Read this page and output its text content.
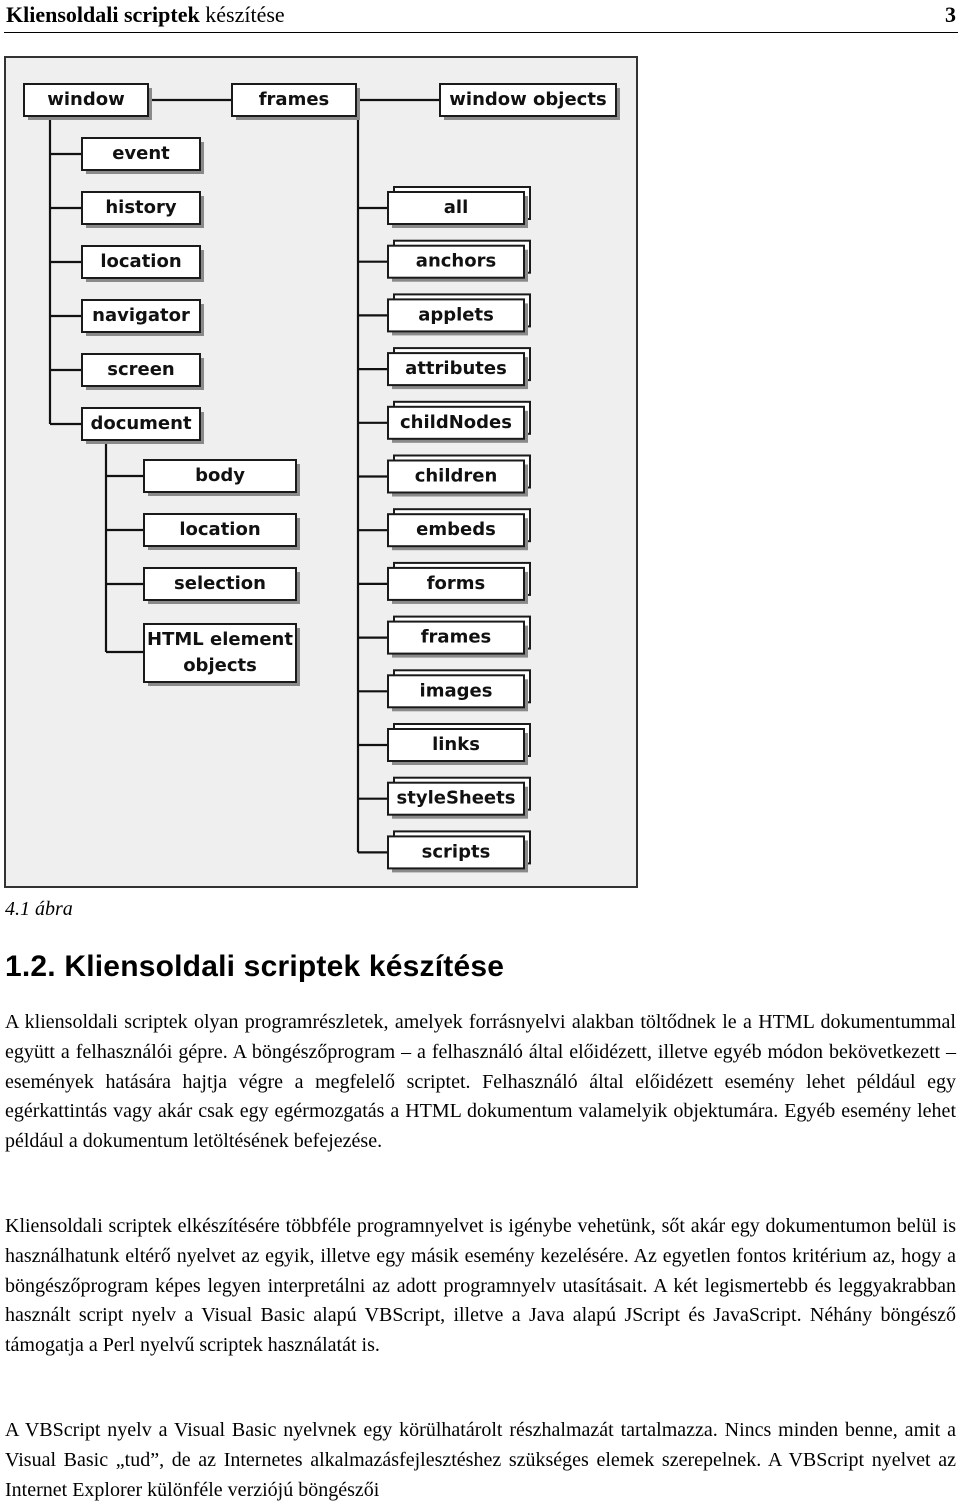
Kliensoldali scriptek készítése	3
window	frames	window objects
event
history
location
navigator
screen
document
body
location
selection
HTML element
objects
all
anchors
applets
attributes
childNodes
children
embeds
forms
frames
images
links
styleSheets
scripts
4.1 ábra
1.2. Kliensoldali scriptek készítése

A kliensoldali scriptek olyan programrészletek, amelyek forrásnyelvi alakban töltődnek le a HTML dokumentummal együtt a felhasználói gépre. A böngészőprogram – a felhasználó által előidézett, illetve egyéb módon bekövetkezett – események hatására hajtja végre a megfelelő scriptet. Felhasználó által előidézett esemény lehet például egy egérkattintás vagy akár csak egy egérmozgatás a HTML dokumentum valamelyik objektumára. Egyéb esemény lehet például a dokumentum letöltésének befejezése.

Kliensoldali scriptek elkészítésére többféle programnyelvet is igénybe vehetünk, sőt akár egy dokumentumon belül is használhatunk eltérő nyelvet az egyik, illetve egy másik esemény kezelésére. Az egyetlen fontos kritérium az, hogy a böngészőprogram képes legyen interpretálni az adott programnyelv utasításait. A két legismertebb és leggyakrabban használt script nyelv a Visual Basic alapú VBScript, illetve a Java alapú JScript és JavaScript. Néhány böngésző támogatja a Perl nyelvű scriptek használatát is.

A VBScript nyelv a Visual Basic nyelvnek egy körülhatárolt részhalmazát tartalmazza. Nincs minden benne, amit a Visual Basic „tud”, de az Internetes alkalmazásfejlesztéshez szükséges elemek szerepelnek. A VBScript nyelvet az Internet Explorer különféle verziójú böngészői
